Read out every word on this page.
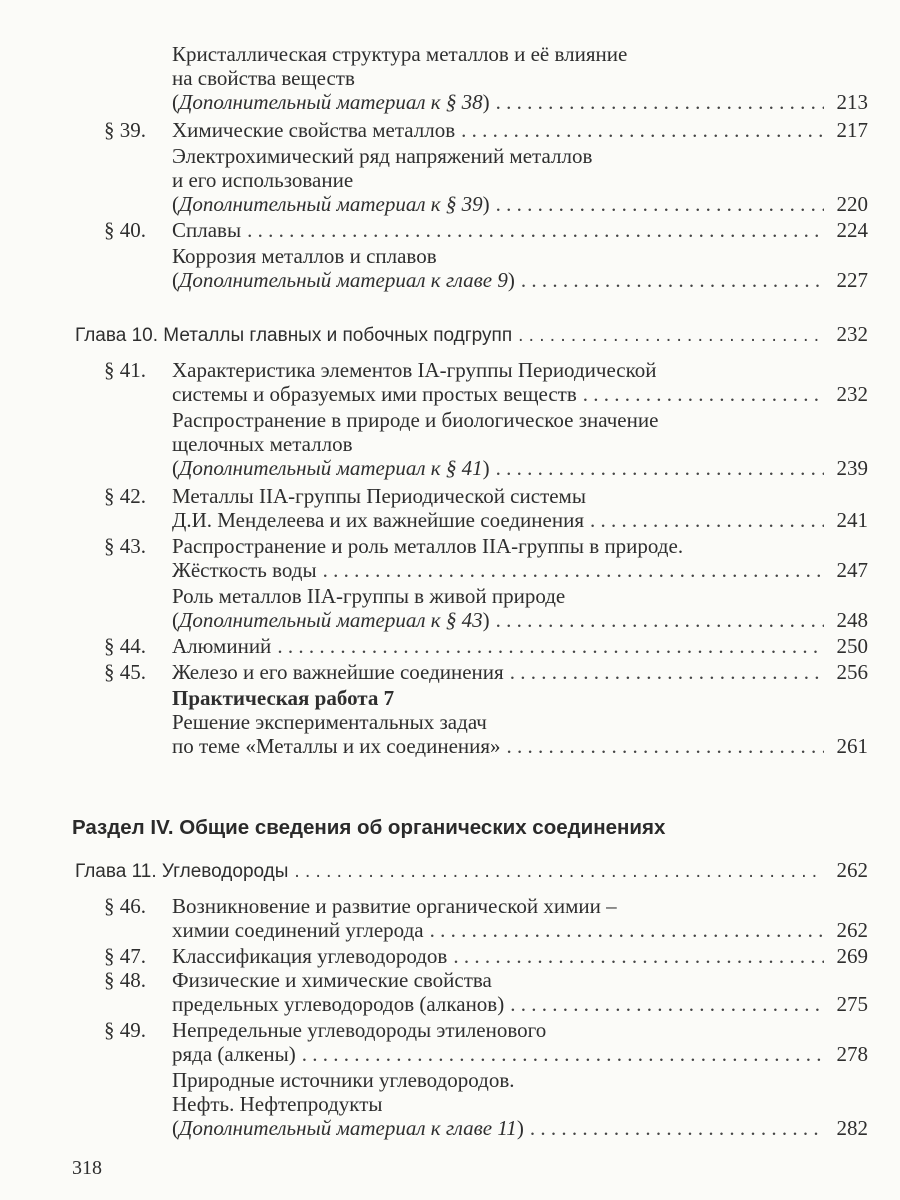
Кристаллическая структура металлов и её влияние
на свойства веществ
(Дополнительный материал к § 38) . . .	213
§ 39. Химические свойства металлов . . .	217
Электрохимический ряд напряжений металлов
и его использование
(Дополнительный материал к § 39) . . .	220
§ 40. Сплавы . . .	224
Коррозия металлов и сплавов
(Дополнительный материал к главе 9) . . .	227
Глава 10. Металлы главных и побочных подгрупп . . .	232
§ 41. Характеристика элементов IA-группы Периодической
системы и образуемых ими простых веществ . . .	232
Распространение в природе и биологическое значение
щелочных металлов
(Дополнительный материал к § 41) . . .	239
§ 42. Металлы IIA-группы Периодической системы
Д.И. Менделеева и их важнейшие соединения . . .	241
§ 43. Распространение и роль металлов IIA-группы в природе.
Жёсткость воды . . .	247
Роль металлов IIA-группы в живой природе
(Дополнительный материал к § 43) . . .	248
§ 44. Алюминий . . .	250
§ 45. Железо и его важнейшие соединения . . .	256
Практическая работа 7
Решение экспериментальных задач
по теме «Металлы и их соединения» . . .	261
Раздел IV. Общие сведения об органических соединениях
Глава 11. Углеводороды . . .	262
§ 46. Возникновение и развитие органической химии –
химии соединений углерода . . .	262
§ 47. Классификация углеводородов . . .	269
§ 48. Физические и химические свойства
предельных углеводородов (алканов) . . .	275
§ 49. Непредельные углеводороды этиленового
ряда (алкены) . . .	278
Природные источники углеводородов.
Нефть. Нефтепродукты
(Дополнительный материал к главе 11) . . .	282
318
